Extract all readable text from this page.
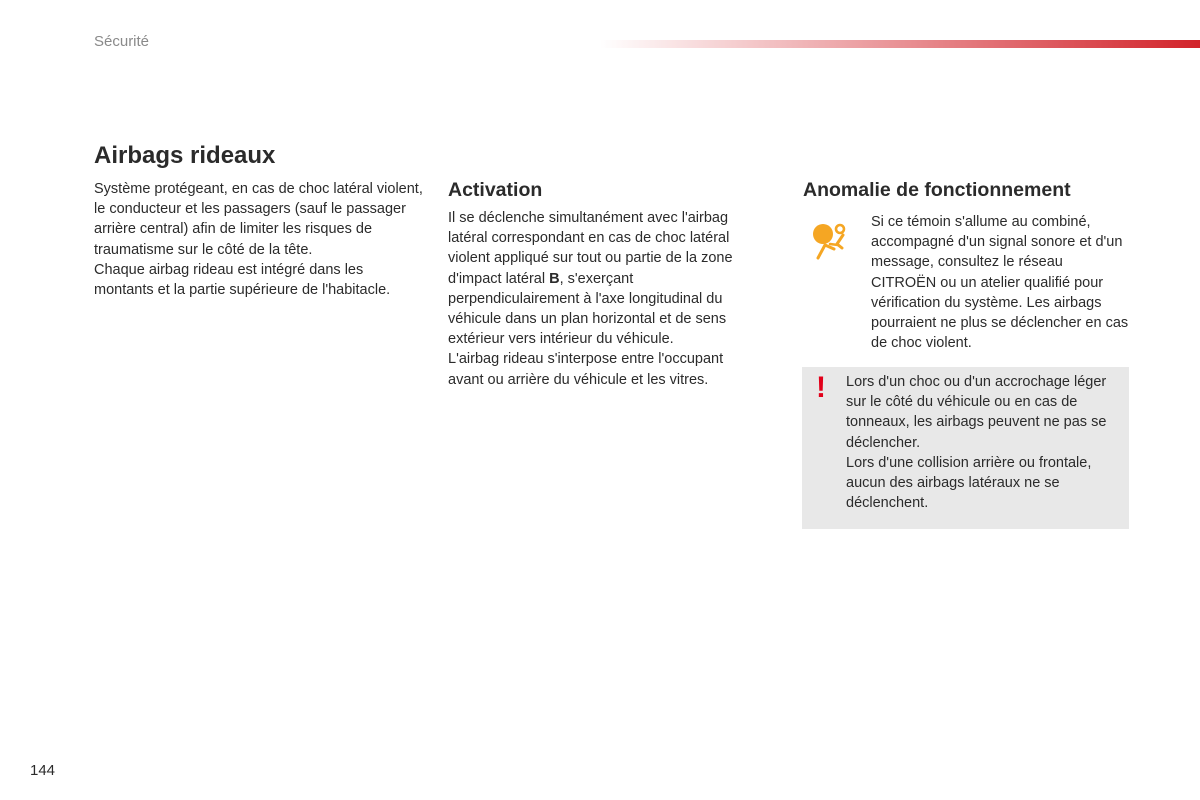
Sécurité
Airbags rideaux

Système protégeant, en cas de choc latéral violent, le conducteur et les passagers (sauf le passager arrière central) afin de limiter les risques de traumatisme sur le côté de la tête.

Chaque airbag rideau est intégré dans les montants et la partie supérieure de l'habitacle.

Activation

Il se déclenche simultanément avec l'airbag latéral correspondant en cas de choc latéral violent appliqué sur tout ou partie de la zone d'impact latéral B, s'exerçant perpendiculairement à l'axe longitudinal du véhicule dans un plan horizontal et de sens extérieur vers intérieur du véhicule.

L'airbag rideau s'interpose entre l'occupant avant ou arrière du véhicule et les vitres.

Anomalie de fonctionnement

Si ce témoin s'allume au combiné, accompagné d'un signal sonore et d'un message, consultez le réseau CITROËN ou un atelier qualifié pour vérification du système. Les airbags pourraient ne plus se déclencher en cas de choc violent.

! Lors d'un choc ou d'un accrochage léger sur le côté du véhicule ou en cas de tonneaux, les airbags peuvent ne pas se déclencher.

Lors d'une collision arrière ou frontale, aucun des airbags latéraux ne se déclenchent.

144
